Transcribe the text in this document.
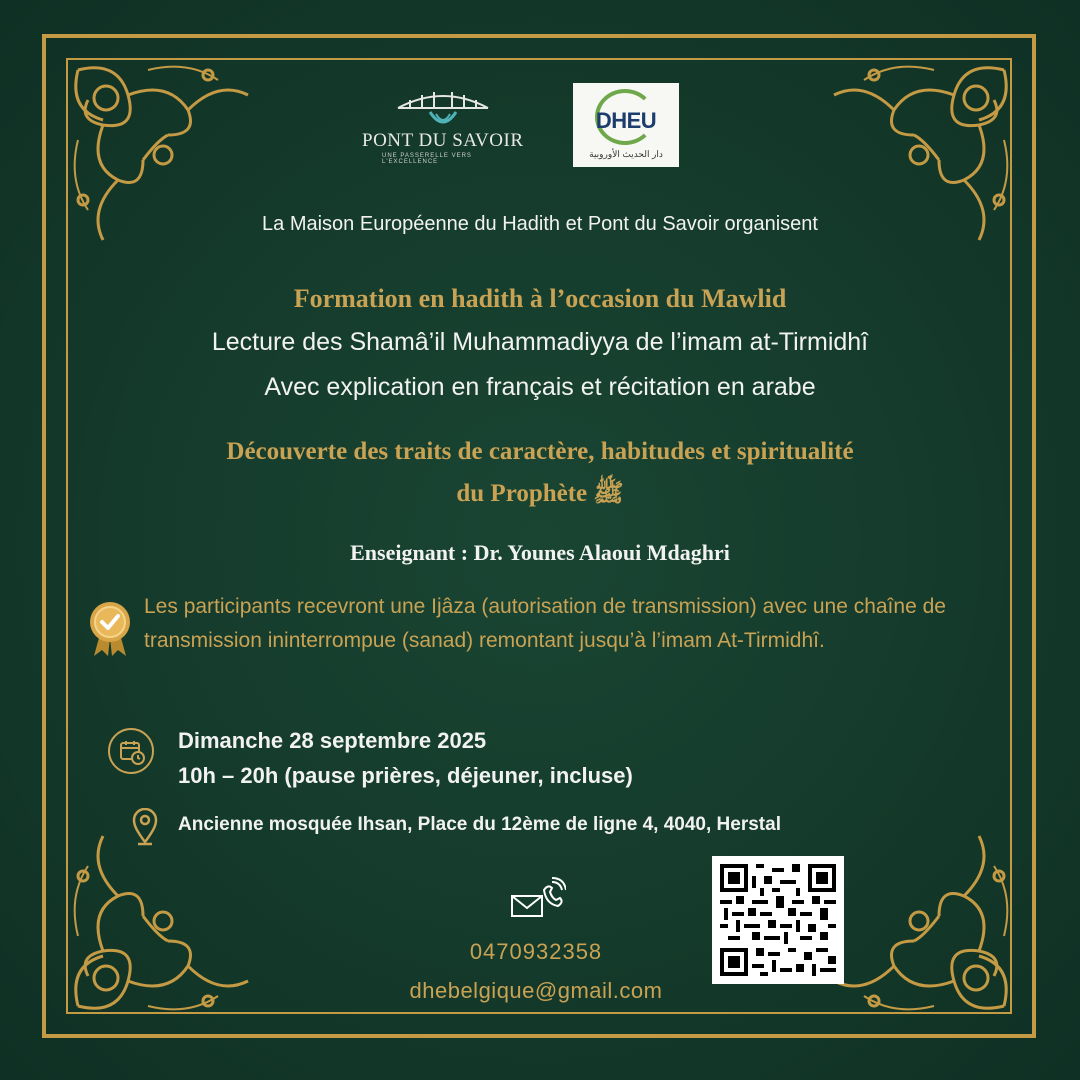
PONT DU SAVOIR
UNE PASSERELLE VERS L'EXCELLENCE
DHEU
دار الحديث الأوروبية
La Maison Européenne du Hadith et Pont du Savoir organisent
Formation en hadith à l’occasion du Mawlid
Lecture des Shamâ’il Muhammadiyya de l’imam at-Tirmidhî
Avec explication en français et récitation en arabe
Découverte des traits de caractère, habitudes et spiritualité
du Prophète ﷺ
Enseignant : Dr. Younes Alaoui Mdaghri
Les participants recevront une Ijâza (autorisation de transmission) avec une chaîne de transmission ininterrompue (sanad) remontant jusqu’à l’imam At-Tirmidhî.
Dimanche 28 septembre 2025
10h – 20h (pause prières, déjeuner, incluse)
Ancienne mosquée Ihsan, Place du 12ème de ligne 4, 4040, Herstal
0470932358
dhebelgique@gmail.com
